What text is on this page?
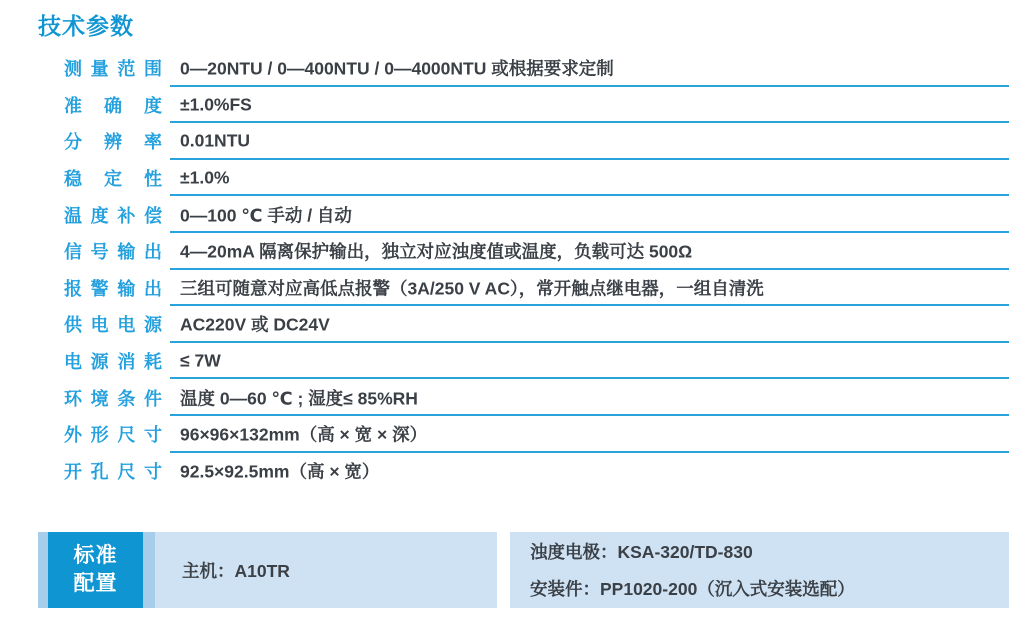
技术参数
测量范围 0—20NTU / 0—400NTU / 0—4000NTU 或根据要求定制
准确度 ±1.0%FS
分辨率 0.01NTU
稳定性 ±1.0%
温度补偿 0—100 ℃ 手动 / 自动
信号输出 4—20mA 隔离保护输出，独立对应浊度值或温度，负载可达 500Ω
报警输出 三组可随意对应高低点报警（3A/250 V AC），常开触点继电器，一组自清洗
供电电源 AC220V 或 DC24V
电源消耗 ≤ 7W
环境条件 温度 0—60 ℃ ; 湿度≤ 85%RH
外形尺寸 96×96×132mm（高 × 宽 × 深）
开孔尺寸 92.5×92.5mm（高 × 宽）
标准
配置
主机：A10TR
浊度电极：KSA-320/TD-830
安装件：PP1020-200（沉入式安装选配）
